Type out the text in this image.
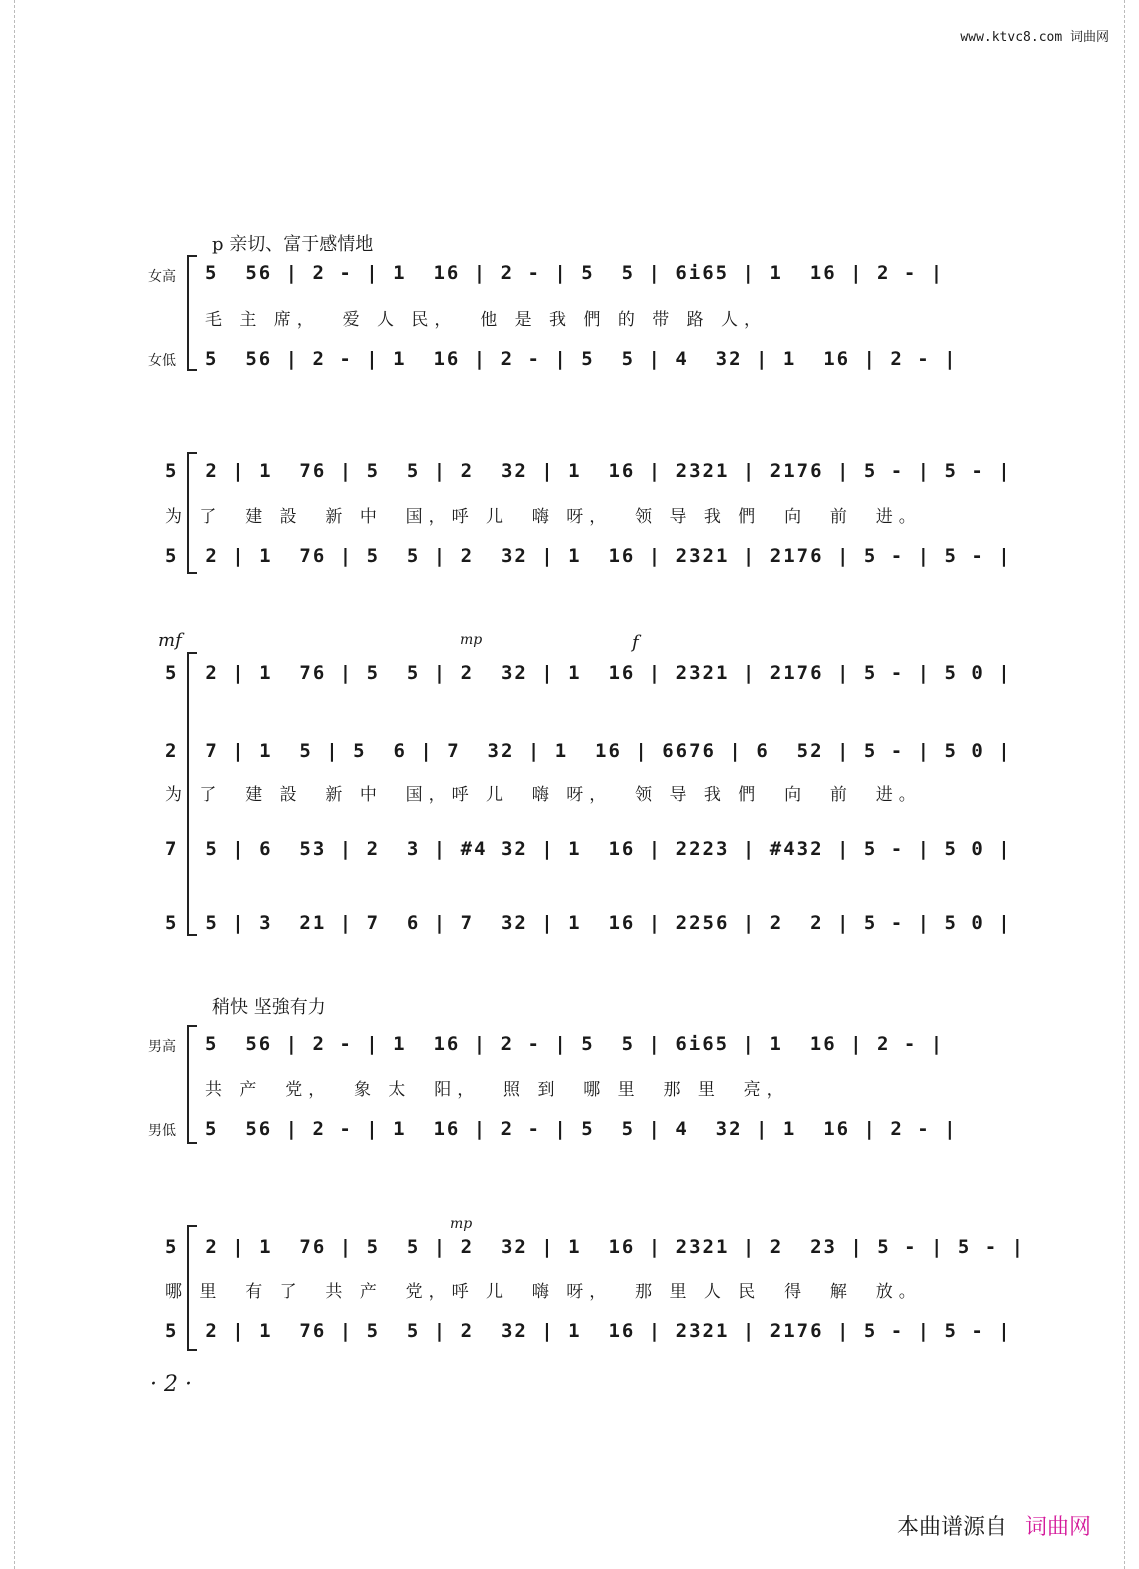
www.ktvc8.com 词曲网
p 亲切、富于感情地
女高 5  56 | 2 - | 1  16 | 2 - | 5  5 | 6i65 | 1  16 | 2 - |
毛 主 席，  爱 人 民，  他 是 我 們 的 带 路 人，
女低 5  56 | 2 - | 1  16 | 2 - | 5  5 | 4  32 | 1  16 | 2 - |
5  2 | 1  76 | 5  5 | 2  32 | 1  16 | 2321 | 2176 | 5 - | 5 - |
为 了  建 設  新 中  国，呼 儿  嗨 呀，  领 导 我 們  向  前  进。
5  2 | 1  76 | 5  5 | 2  32 | 1  16 | 2321 | 2176 | 5 - | 5 - |
mf	mp	f
5  2 | 1  76 | 5  5 | 2  32 | 1  16 | 2321 | 2176 | 5 - | 5 0 |
2  7 | 1  5 | 5  6 | 7  32 | 1  16 | 6676 | 6  52 | 5 - | 5 0 |
为 了  建 設  新 中  国，呼 儿  嗨 呀，  领 导 我 們  向  前  进。
7  5 | 6  53 | 2  3 | #4 32 | 1  16 | 2223 | #432 | 5 - | 5 0 |
5  5 | 3  21 | 7  6 | 7  32 | 1  16 | 2256 | 2  2 | 5 - | 5 0 |
稍快 坚強有力
男高 5  56 | 2 - | 1  16 | 2 - | 5  5 | 6i65 | 1  16 | 2 - |
共 产  党，  象 太  阳，  照 到  哪 里  那 里  亮，
男低 5  56 | 2 - | 1  16 | 2 - | 5  5 | 4  32 | 1  16 | 2 - |
mp
5  2 | 1  76 | 5  5 | 2  32 | 1  16 | 2321 | 2  23 | 5 - | 5 - |
哪 里  有 了  共 产  党，呼 儿  嗨 呀，  那 里 人 民  得  解  放。
5  2 | 1  76 | 5  5 | 2  32 | 1  16 | 2321 | 2176 | 5 - | 5 - |
· 2 ·
本曲谱源自 词曲网
